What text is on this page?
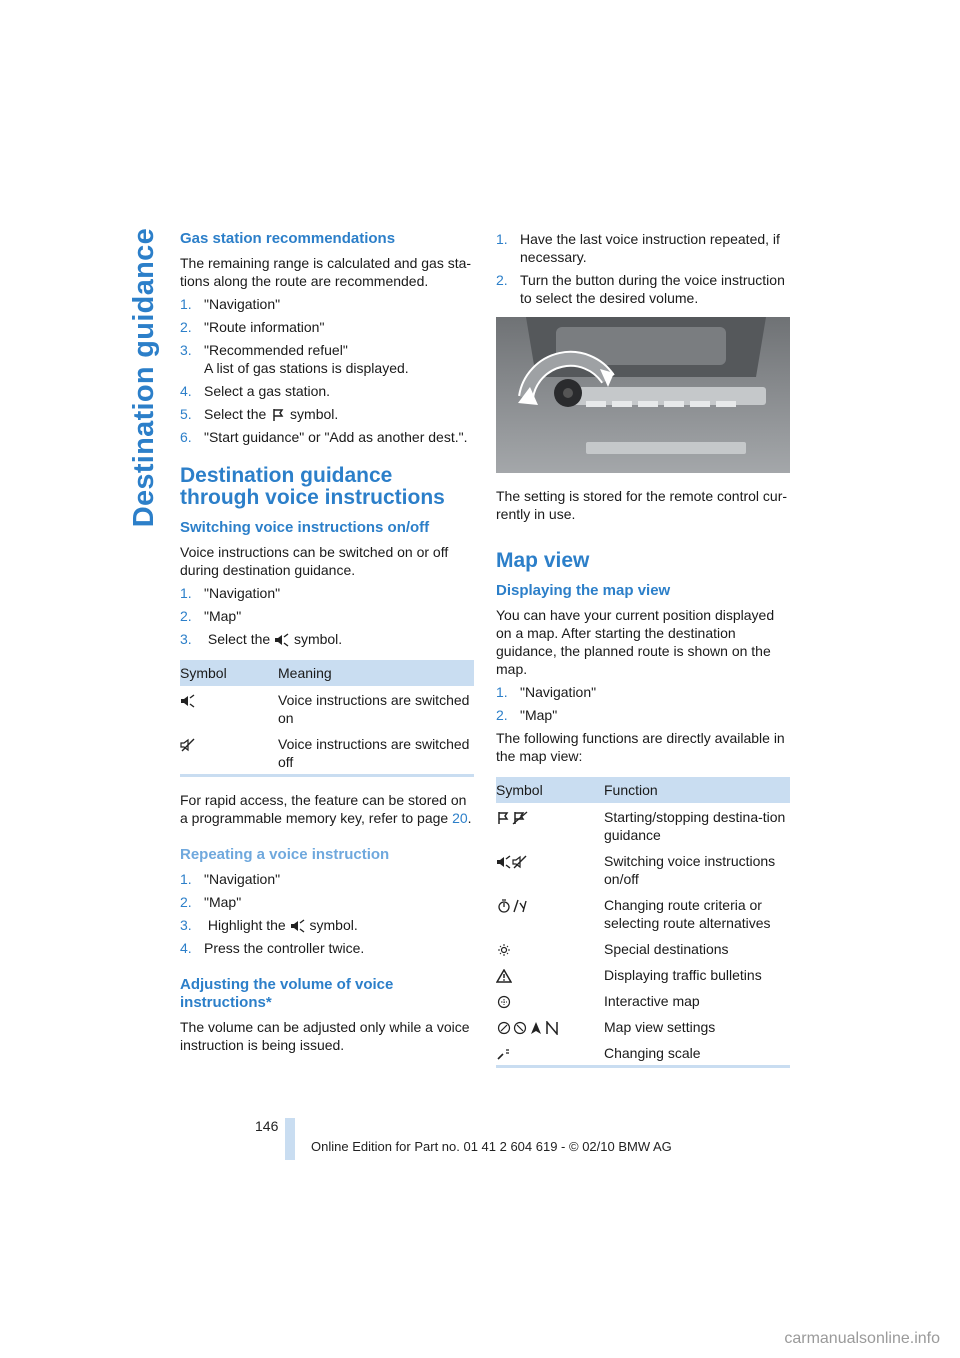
Destination guidance Gas station recommendations

The remaining range is calculated and gas sta-tions along the route are recommended.

1. "Navigation"
2. "Route information"
3. "Recommended refuel"
A list of gas stations is displayed.
4. Select a gas station.
5. Select the symbol.
6. "Start guidance" or "Add as another dest.".
Destination guidance
through voice instructions
Switching voice instructions on/off

Voice instructions can be switched on or off during destination guidance.

1. "Navigation"
2. "Map"
3. Select the symbol.
Symbol	Meaning

	Voice instructions are switched on

	Voice instructions are switched off

For rapid access, the feature can be stored on a programmable memory key, refer to page 20.

Repeating a voice instruction
1. "Navigation"
2. "Map"
3. Highlight the symbol.
4. Press the controller twice.
Adjusting the volume of voice instructions*

The volume can be adjusted only while a voice instruction is being issued.

1. Have the last voice instruction repeated, if necessary.
2. Turn the button during the voice instruction to select the desired volume.

The setting is stored for the remote control cur-rently in use.

Map view
Displaying the map view

You can have your current position displayed on a map. After starting the destination guidance, the planned route is shown on the map.

1. "Navigation"
2. "Map"

The following functions are directly available in the map view:

Symbol	Function

	Starting/stopping destina-tion guidance

	Switching voice instructions on/off

	Changing route criteria or selecting route alternatives

	Special destinations

	Displaying traffic bulletins

	Interactive map

	Map view settings

	Changing scale
146
Online Edition for Part no. 01 41 2 604 619 - © 02/10 BMW AG
carmanualsonline.info
